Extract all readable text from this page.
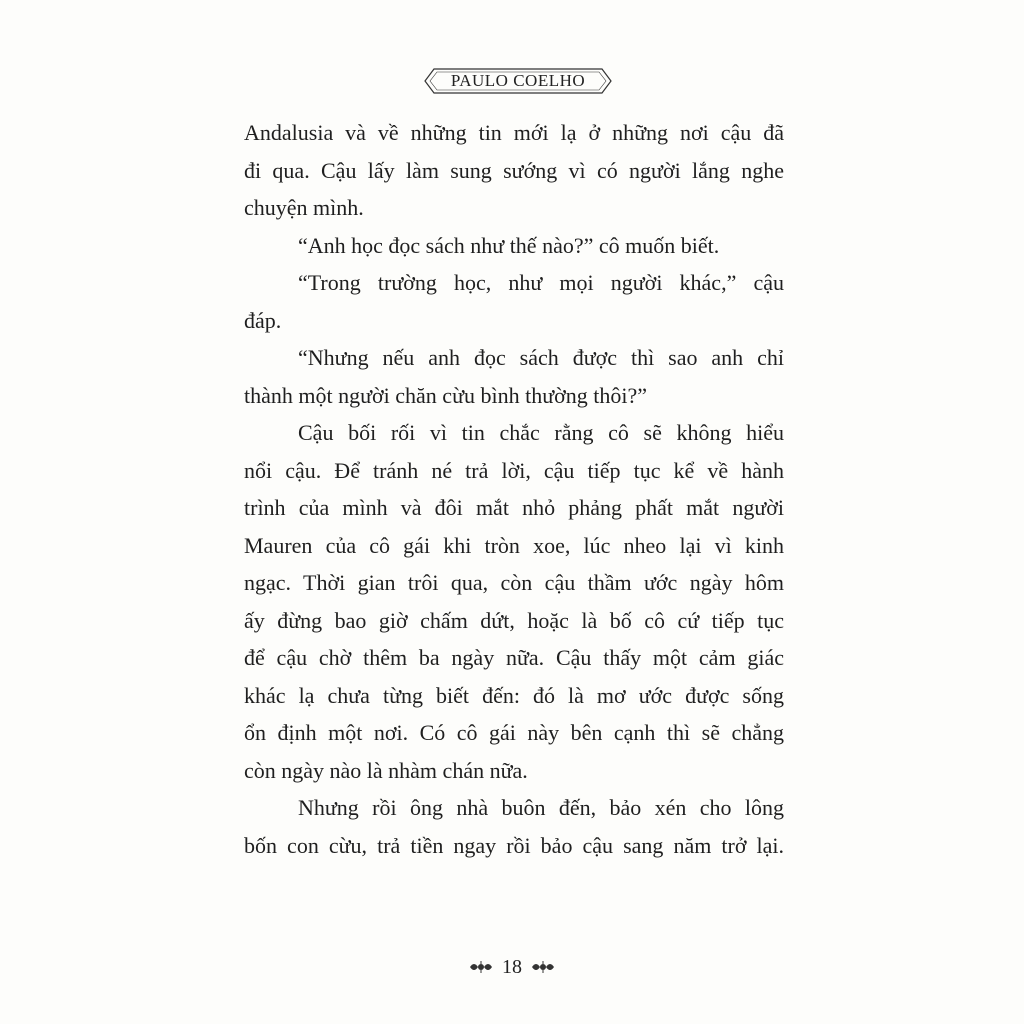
PAULO COELHO
Andalusia và về những tin mới lạ ở những nơi cậu đã
đi qua. Cậu lấy làm sung sướng vì có người lắng nghe
chuyện mình.
“Anh học đọc sách như thế nào?” cô muốn biết.
“Trong trường học, như mọi người khác,” cậu
đáp.
“Nhưng nếu anh đọc sách được thì sao anh chỉ
thành một người chăn cừu bình thường thôi?”
Cậu bối rối vì tin chắc rằng cô sẽ không hiểu
nổi cậu. Để tránh né trả lời, cậu tiếp tục kể về hành
trình của mình và đôi mắt nhỏ phảng phất mắt người
Mauren của cô gái khi tròn xoe, lúc nheo lại vì kinh
ngạc. Thời gian trôi qua, còn cậu thầm ước ngày hôm
ấy đừng bao giờ chấm dứt, hoặc là bố cô cứ tiếp tục
để cậu chờ thêm ba ngày nữa. Cậu thấy một cảm giác
khác lạ chưa từng biết đến: đó là mơ ước được sống
ổn định một nơi. Có cô gái này bên cạnh thì sẽ chẳng
còn ngày nào là nhàm chán nữa.
Nhưng rồi ông nhà buôn đến, bảo xén cho lông
bốn con cừu, trả tiền ngay rồi bảo cậu sang năm trở lại.
18
